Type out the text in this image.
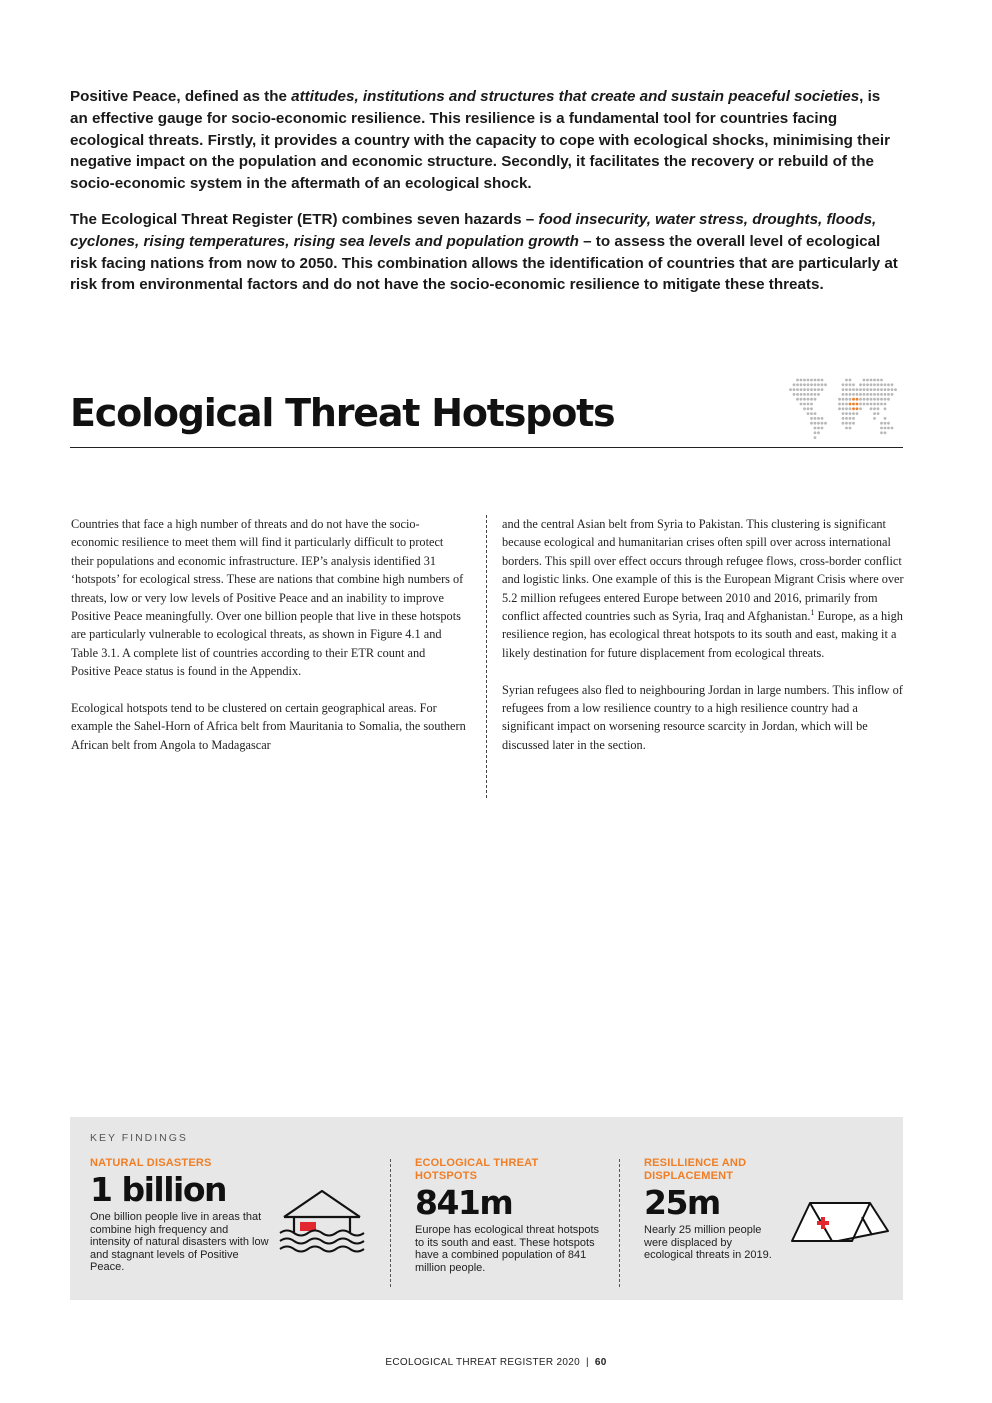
Positive Peace, defined as the attitudes, institutions and structures that create and sustain peaceful societies, is an effective gauge for socio-economic resilience. This resilience is a fundamental tool for countries facing ecological threats. Firstly, it provides a country with the capacity to cope with ecological shocks, minimising their negative impact on the population and economic structure. Secondly, it facilitates the recovery or rebuild of the socio-economic system in the aftermath of an ecological shock.

The Ecological Threat Register (ETR) combines seven hazards – food insecurity, water stress, droughts, floods, cyclones, rising temperatures, rising sea levels and population growth – to assess the overall level of ecological risk facing nations from now to 2050. This combination allows the identification of countries that are particularly at risk from environmental factors and do not have the socio-economic resilience to mitigate these threats.

Ecological Threat Hotspots

Countries that face a high number of threats and do not have the socio-economic resilience to meet them will find it particularly difficult to protect their populations and economic infrastructure. IEP’s analysis identified 31 ‘hotspots’ for ecological stress. These are nations that combine high numbers of threats, low or very low levels of Positive Peace and an inability to improve Positive Peace meaningfully. Over one billion people that live in these hotspots are particularly vulnerable to ecological threats, as shown in Figure 4.1 and Table 3.1. A complete list of countries according to their ETR count and Positive Peace status is found in the Appendix.

Ecological hotspots tend to be clustered on certain geographical areas. For example the Sahel-Horn of Africa belt from Mauritania to Somalia, the southern African belt from Angola to Madagascar

and the central Asian belt from Syria to Pakistan. This clustering is significant because ecological and humanitarian crises often spill over across international borders. This spill over effect occurs through refugee flows, cross-border conflict and logistic links. One example of this is the European Migrant Crisis where over 5.2 million refugees entered Europe between 2010 and 2016, primarily from conflict affected countries such as Syria, Iraq and Afghanistan.$^1$ Europe, as a high resilience region, has ecological threat hotspots to its south and east, making it a likely destination for future displacement from ecological threats.

Syrian refugees also fled to neighbouring Jordan in large numbers. This inflow of refugees from a low resilience country to a high resilience country had a significant impact on worsening resource scarcity in Jordan, which will be discussed later in the section.

KEY FINDINGS
NATURAL DISASTERS
1 billion
One billion people live in areas that combine high frequency and intensity of natural disasters with low and stagnant levels of Positive Peace.
ECOLOGICAL THREAT HOTSPOTS
841m
Europe has ecological threat hotspots to its south and east. These hotspots have a combined population of 841 million people.
RESILLIENCE AND DISPLACEMENT
25m
Nearly 25 million people were displaced by ecological threats in 2019.
ECOLOGICAL THREAT REGISTER 2020 | 60
